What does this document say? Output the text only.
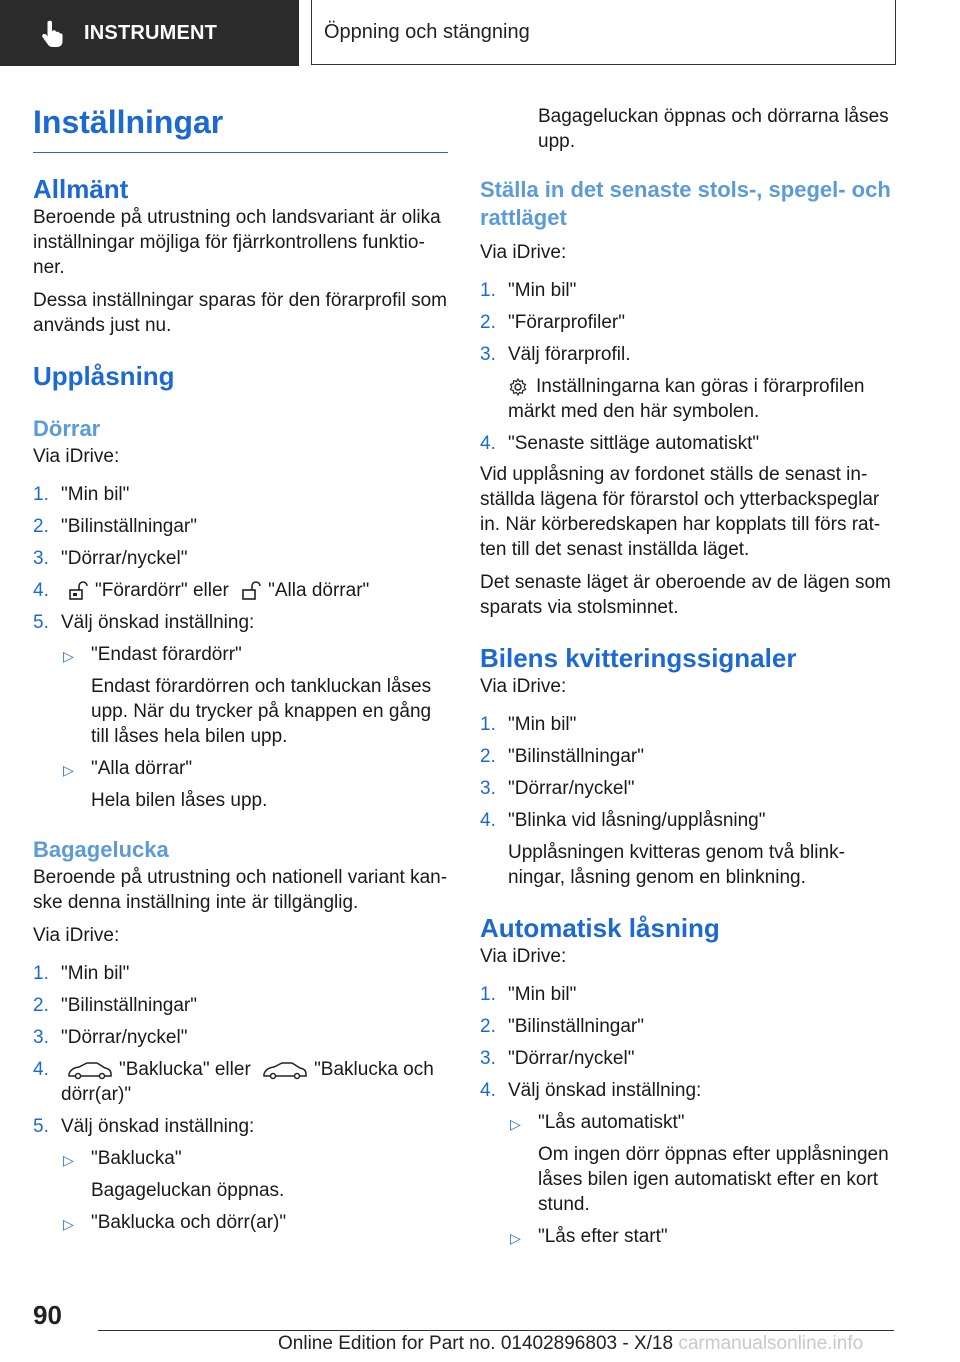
INSTRUMENT	Öppning och stängning
Inställningar
Allmänt

Beroende på utrustning och landsvariant är olika inställningar möjliga för fjärrkontrollens funktioner.

Dessa inställningar sparas för den förarprofil som används just nu.

Upplåsning
Dörrar

Via iDrive:

1. "Min bil"
2. "Bilinställningar"
3. "Dörrar/nyckel"
4.	"Förardörr" eller "Alla dörrar"
5. Välj önskad inställning:
▷ "Endast förardörr"
Endast förardörren och tankluckan låses upp. När du trycker på knappen en gång till låses hela bilen upp.
▷ "Alla dörrar"
Hela bilen låses upp.
Bagagelucka

Beroende på utrustning och nationell variant kanske denna inställning inte är tillgänglig.

Via iDrive:

1. "Min bil"
2. "Bilinställningar"
3. "Dörrar/nyckel"
4.	"Baklucka" eller	"Baklucka och dörr(ar)"
5. Välj önskad inställning:
▷ "Baklucka"
Bagageluckan öppnas.
▷ "Baklucka och dörr(ar)"

Bagageluckan öppnas och dörrarna låses upp.

Ställa in det senaste stols-, spegel- och rattläget

Via iDrive:

1. "Min bil"
2. "Förarprofiler"
3. Välj förarprofil.
Inställningarna kan göras i förarprofilen märkt med den här symbolen.
4. "Senaste sittläge automatiskt"

Vid upplåsning av fordonet ställs de senast inställda lägena för förarstol och ytterbackspeglar in. När körberedskapen har kopplats till förs ratten till det senast inställda läget.

Det senaste läget är oberoende av de lägen som sparats via stolsminnet.

Bilens kvitteringssignaler

Via iDrive:

1. "Min bil"
2. "Bilinställningar"
3. "Dörrar/nyckel"
4. "Blinka vid låsning/upplåsning"
Upplåsningen kvitteras genom två blinkningar, låsning genom en blinkning.
Automatisk låsning

Via iDrive:

1. "Min bil"
2. "Bilinställningar"
3. "Dörrar/nyckel"
4. Välj önskad inställning:
▷ "Lås automatiskt"
Om ingen dörr öppnas efter upplåsningen låses bilen igen automatiskt efter en kort stund.
▷ "Lås efter start"
90
Online Edition for Part no. 01402896803 - X/18 carmanualsonline.info
